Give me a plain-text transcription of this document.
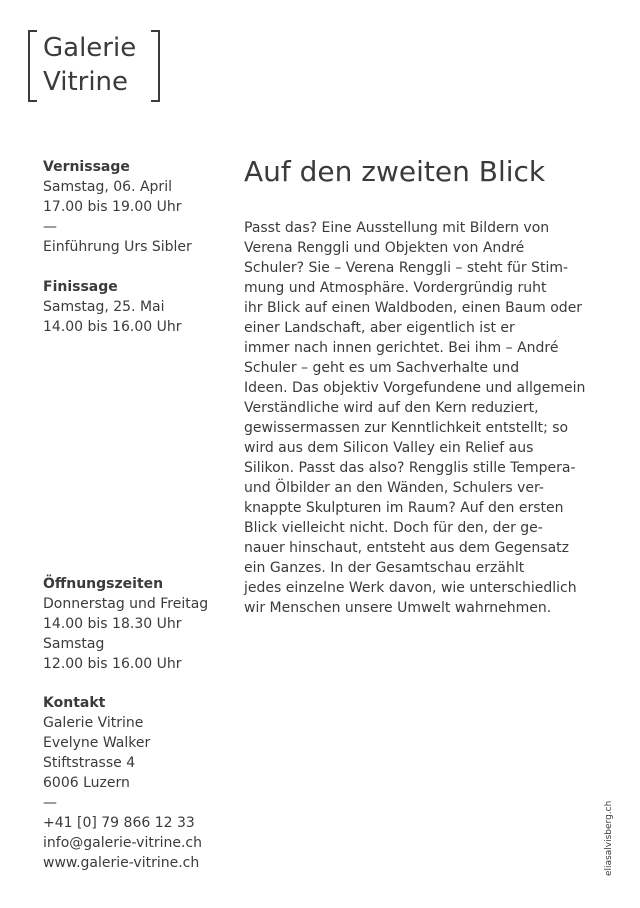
Galerie
Vitrine
Vernissage
Samstag, 06. April
17.00 bis 19.00 Uhr
—
Einführung Urs Sibler
Finissage
Samstag, 25. Mai
14.00 bis 16.00 Uhr
Öffnungszeiten
Donnerstag und Freitag
14.00 bis 18.30 Uhr
Samstag
12.00 bis 16.00 Uhr
Kontakt
Galerie Vitrine
Evelyne Walker
Stiftstrasse 4
6006 Luzern
—
+41 [0] 79 866 12 33
info@galerie-vitrine.ch
www.galerie-vitrine.ch
Auf den zweiten Blick
Passt das? Eine Ausstellung mit Bildern von
Verena Renggli und Objekten von André
Schuler? Sie – Verena Renggli – steht für Stim-
mung und Atmosphäre. Vordergründig ruht
ihr Blick auf einen Waldboden, einen Baum oder
einer Landschaft, aber eigentlich ist er
immer nach innen gerichtet. Bei ihm – André
Schuler – geht es um Sachverhalte und
Ideen. Das objektiv Vorgefundene und allgemein
Verständliche wird auf den Kern reduziert,
gewissermassen zur Kenntlichkeit entstellt; so
wird aus dem Silicon Valley ein Relief aus
Silikon. Passt das also? Rengglis stille Tempera-
und Ölbilder an den Wänden, Schulers ver-
knappte Skulpturen im Raum? Auf den ersten
Blick vielleicht nicht. Doch für den, der ge-
nauer hinschaut, entsteht aus dem Gegensatz
ein Ganzes. In der Gesamtschau erzählt
jedes einzelne Werk davon, wie unterschiedlich
wir Menschen unsere Umwelt wahrnehmen.
eliasalvisberg.ch
